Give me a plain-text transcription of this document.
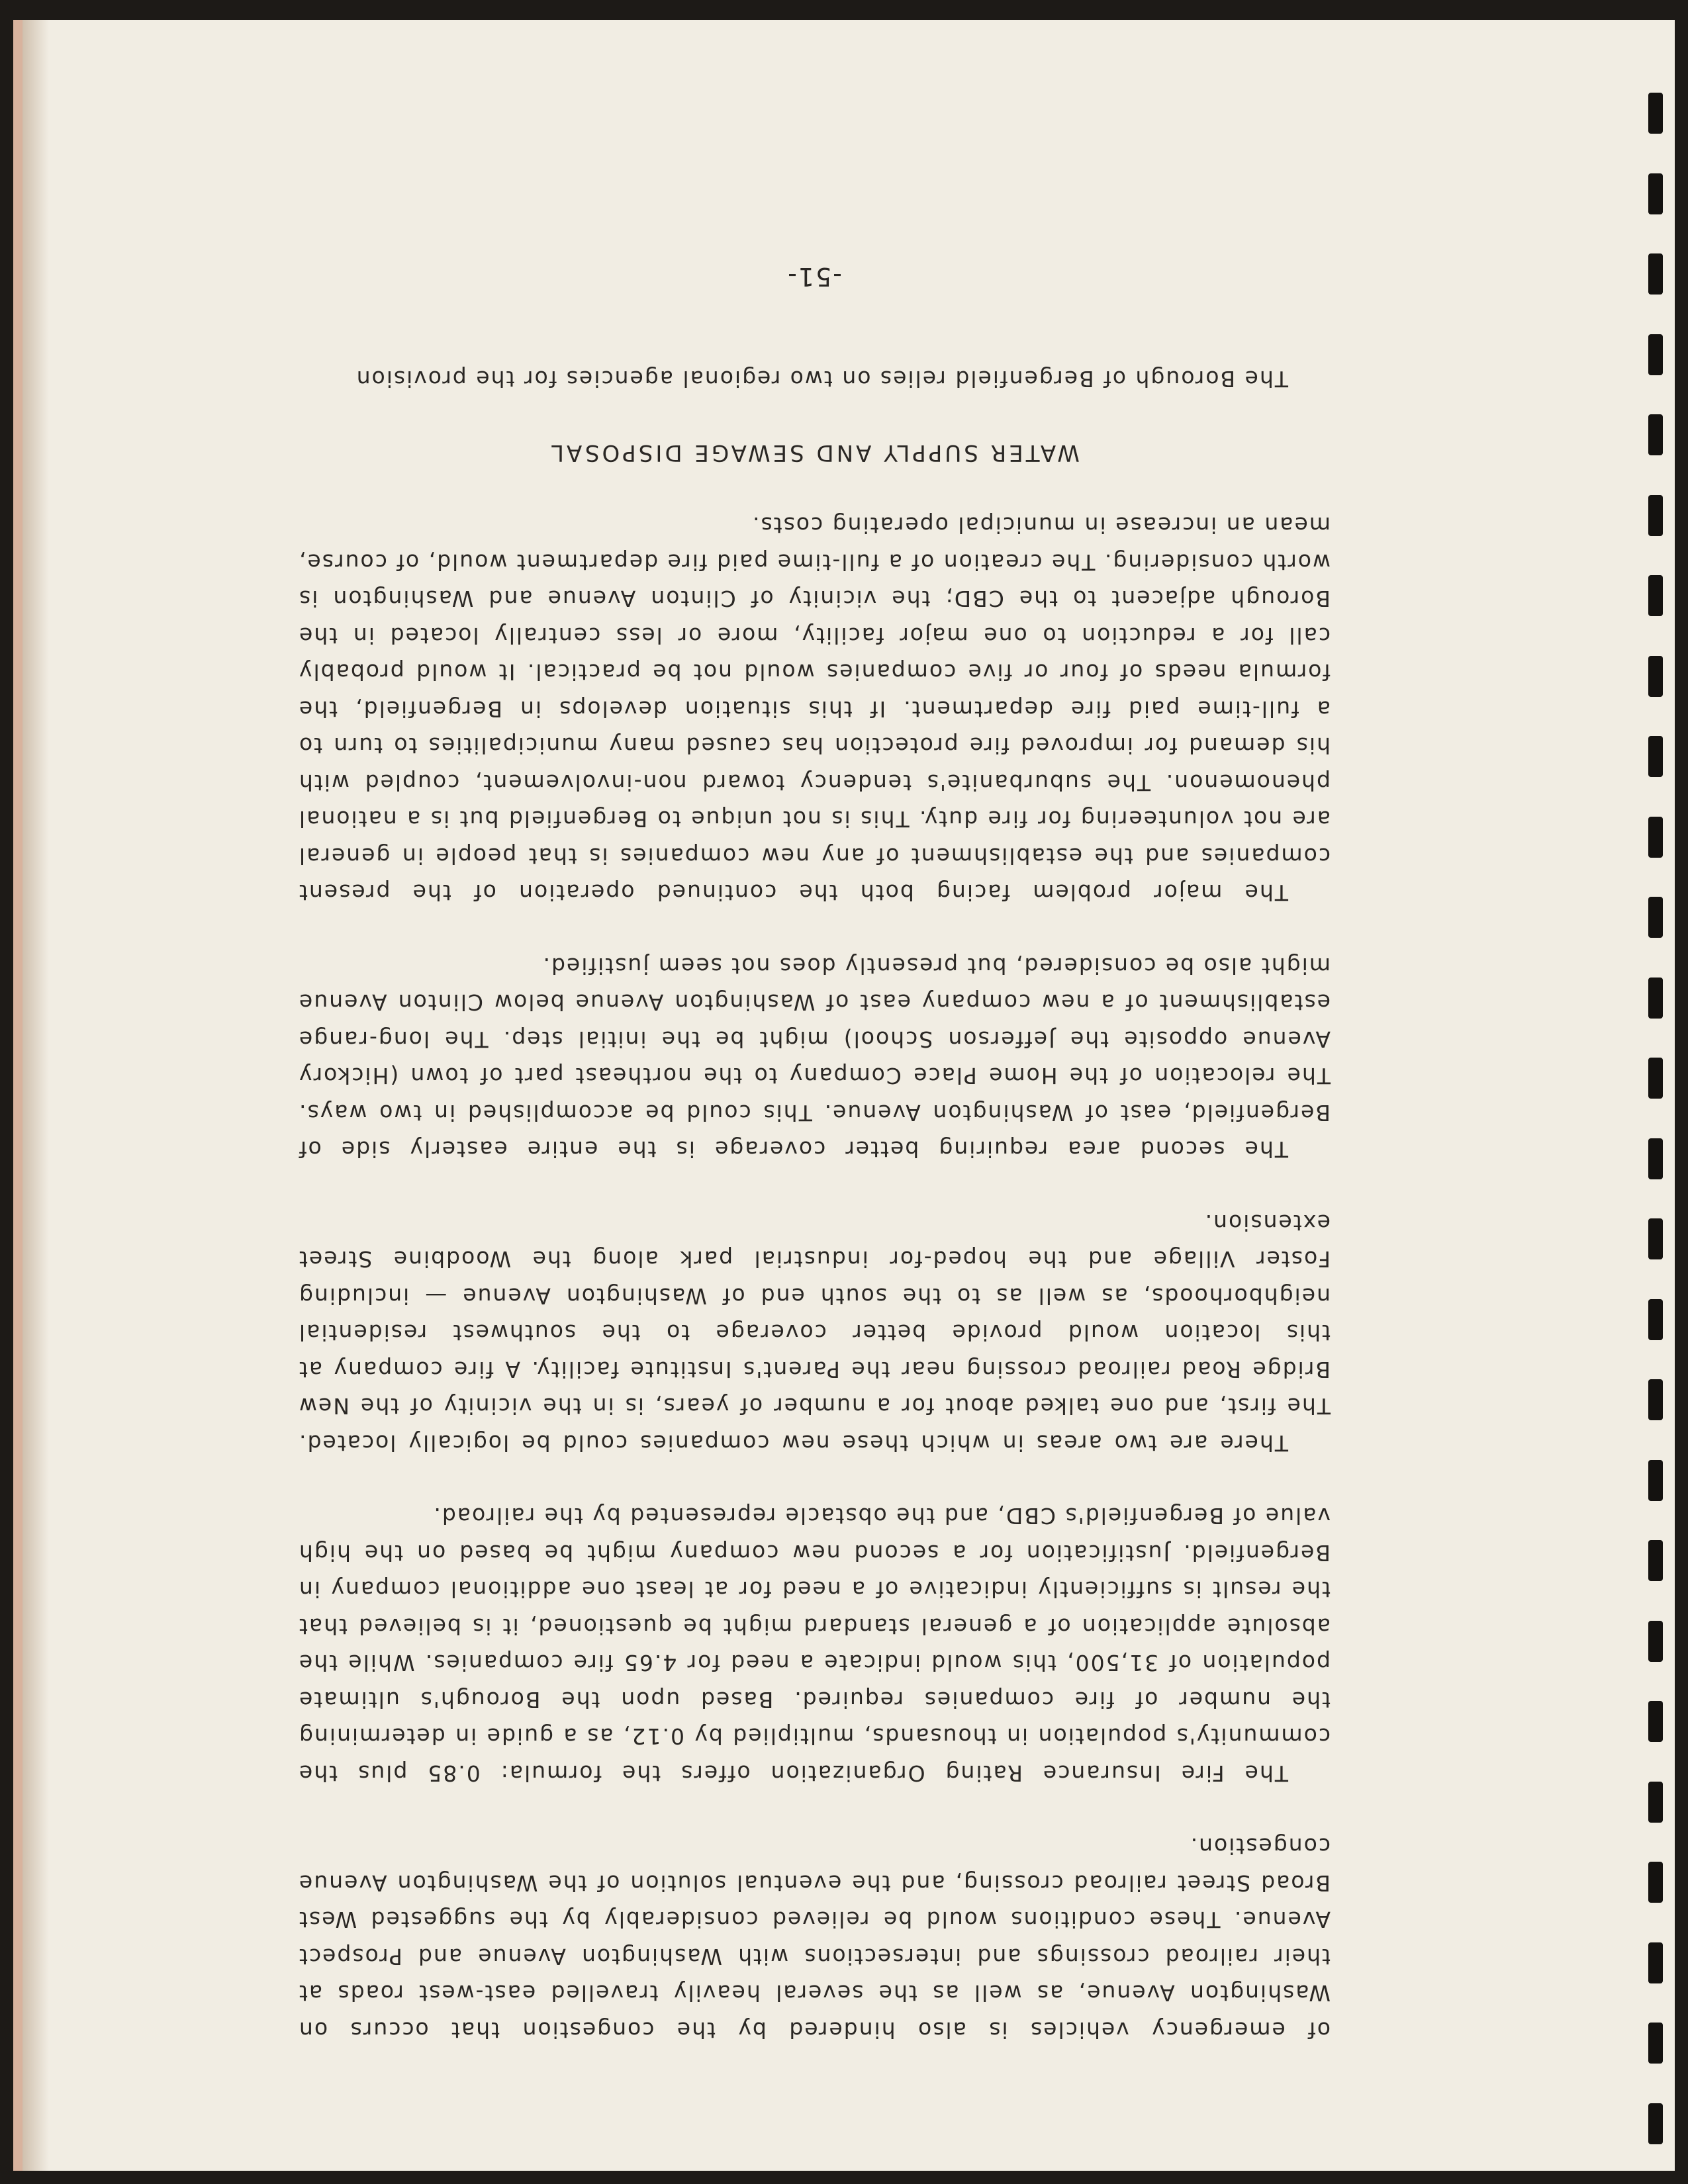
of emergency vehicles is also hindered by the congestion that occurs on Washington Avenue, as well as the several heavily travelled east-west roads at their railroad crossings and intersections with Washington Avenue and Prospect Avenue. These conditions would be relieved considerably by the suggested West Broad Street railroad crossing, and the eventual solution of the Washington Avenue congestion.

The Fire Insurance Rating Organization offers the formula: 0.85 plus the community's population in thousands, multiplied by 0.12, as a guide in determining the number of fire companies required. Based upon the Borough's ultimate population of 31,500, this would indicate a need for 4.65 fire companies. While the absolute application of a general standard might be questioned, it is believed that the result is sufficiently indicative of a need for at least one additional company in Bergenfield. Justification for a second new company might be based on the high value of Bergenfield's CBD, and the obstacle represented by the railroad.

There are two areas in which these new companies could be logically located. The first, and one talked about for a number of years, is in the vicinity of the New Bridge Road railroad crossing near the Parent's Institute facility. A fire company at this location would provide better coverage to the southwest residential neighborhoods, as well as to the south end of Washington Avenue — including Foster Village and the hoped-for industrial park along the Woodbine Street extension.

The second area requiring better coverage is the entire easterly side of Bergenfield, east of Washington Avenue. This could be accomplished in two ways. The relocation of the Home Place Company to the northeast part of town (Hickory Avenue opposite the Jefferson School) might be the initial step. The long-range establishment of a new company east of Washington Avenue below Clinton Avenue might also be considered, but presently does not seem justified.

The major problem facing both the continued operation of the present companies and the establishment of any new companies is that people in general are not volunteering for fire duty. This is not unique to Bergenfield but is a national phenomenon. The suburbanite's tendency toward non-involvement, coupled with his demand for improved fire protection has caused many municipalities to turn to a full-time paid fire department. If this situation develops in Bergenfield, the formula needs of four or five companies would not be practical. It would probably call for a reduction to one major facility, more or less centrally located in the Borough adjacent to the CBD; the vicinity of Clinton Avenue and Washington is worth considering. The creation of a full-time paid fire department would, of course, mean an increase in municipal operating costs.

WATER SUPPLY AND SEWAGE DISPOSAL

The Borough of Bergenfield relies on two regional agencies for the provision

-51-
